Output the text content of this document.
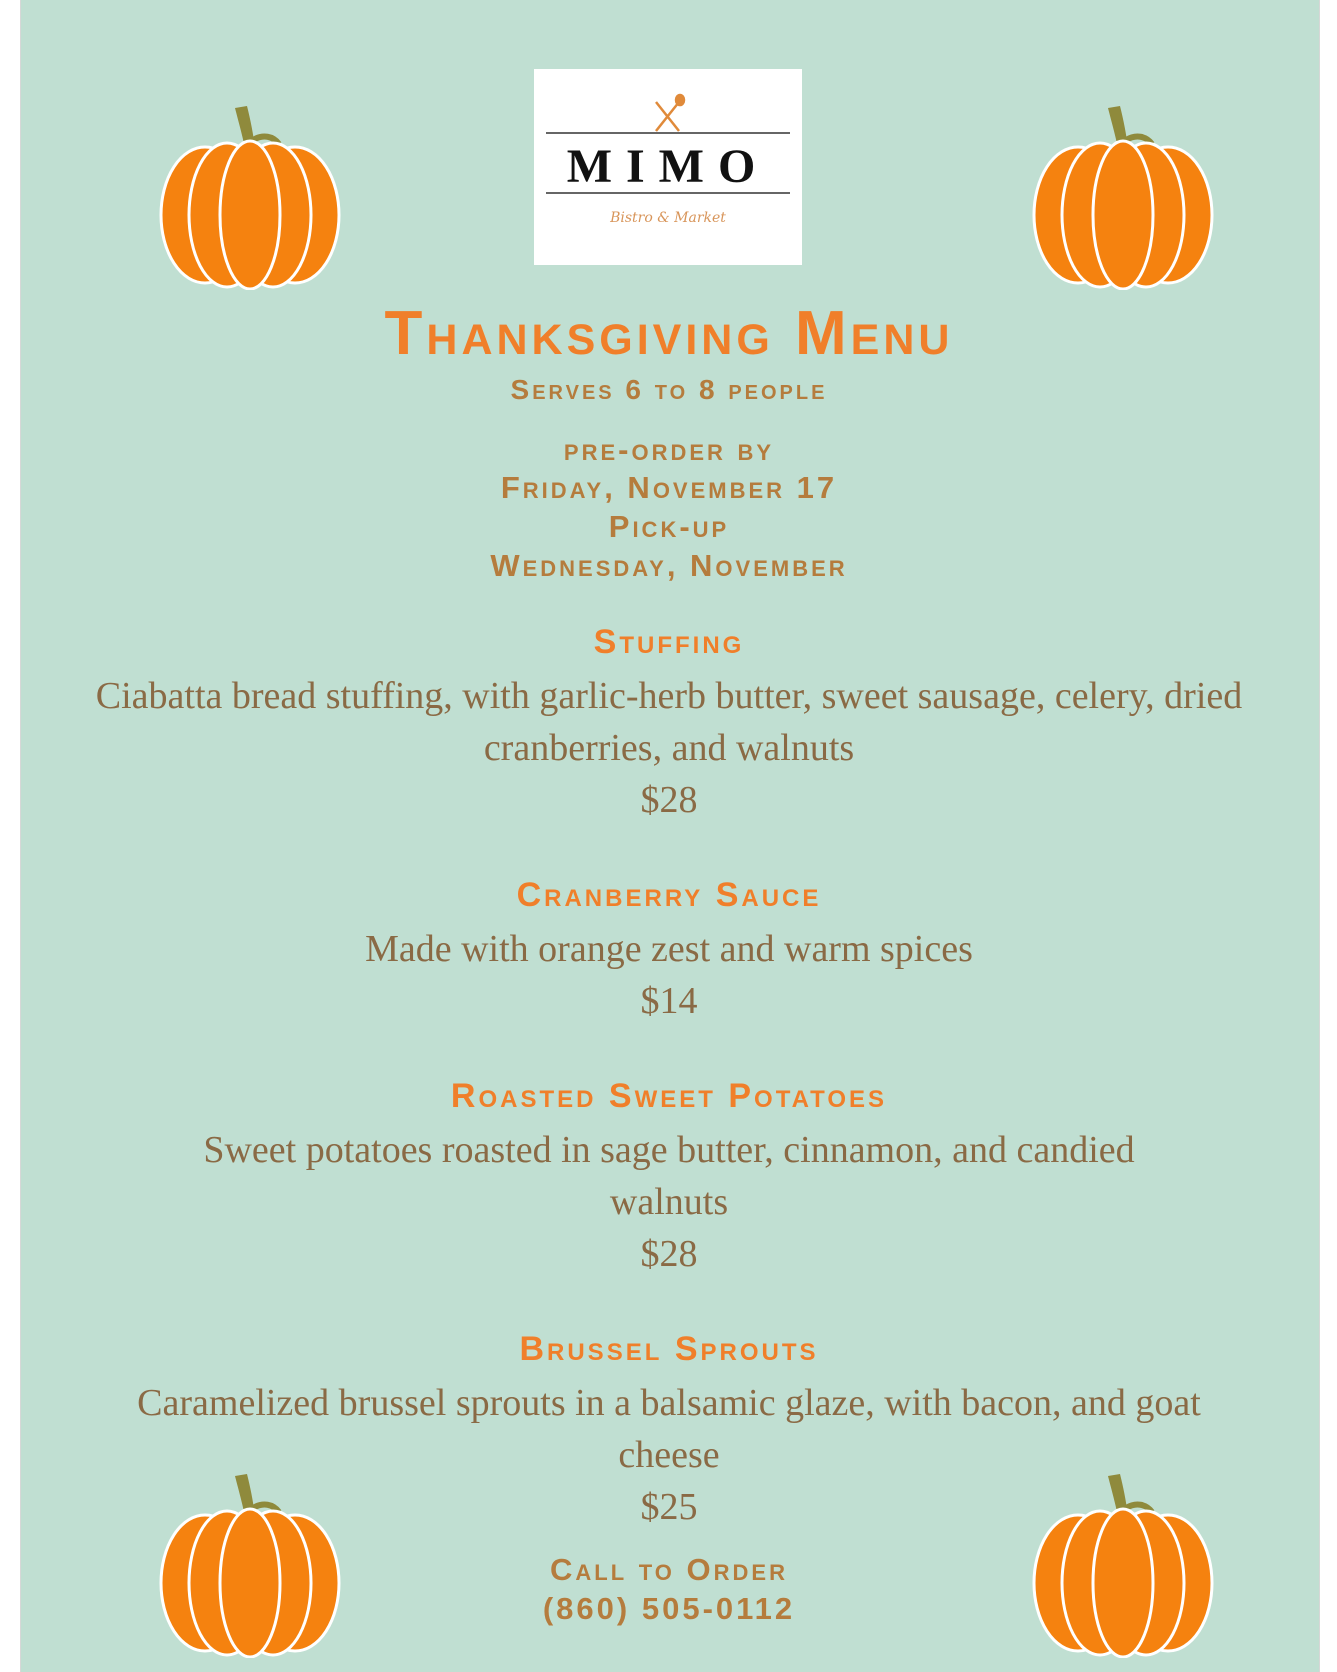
MIMO
Bistro & Market
Thanksgiving Menu
Serves 6 to 8 people
pre-order by
Friday, November 17
Pick-up
Wednesday, November
Stuffing
Ciabatta bread stuffing, with garlic-herb butter, sweet sausage, celery, dried cranberries, and walnuts
$28
Cranberry Sauce
Made with orange zest and warm spices
$14
Roasted Sweet Potatoes
Sweet potatoes roasted in sage butter, cinnamon, and candied walnuts
$28
Brussel Sprouts
Caramelized brussel sprouts in a balsamic glaze, with bacon, and goat cheese
$25
Call to Order
(860) 505-0112
